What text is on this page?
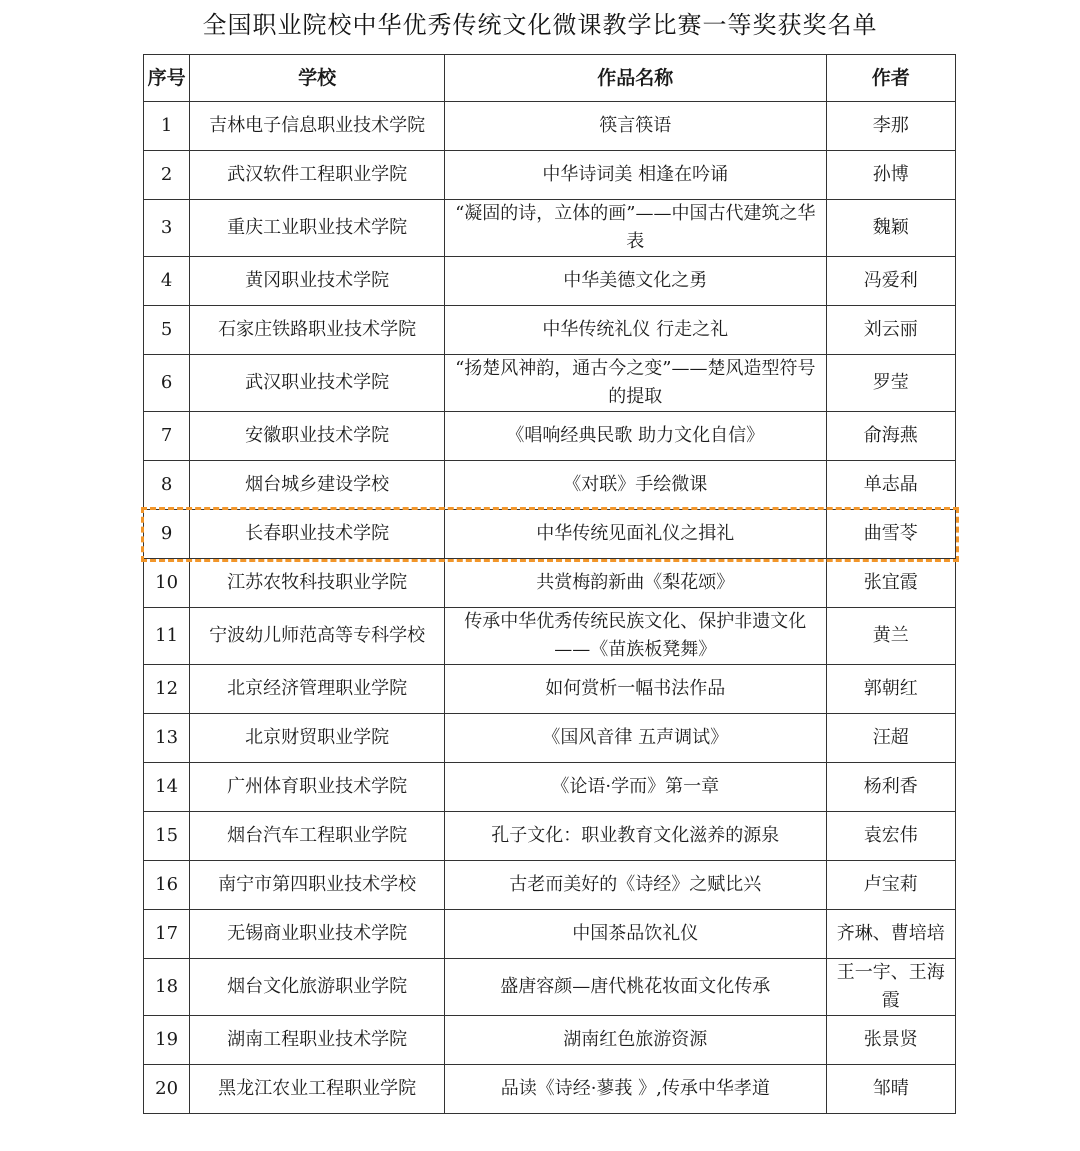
全国职业院校中华优秀传统文化微课教学比赛一等奖获奖名单
序号	学校	作品名称	作者
1	吉林电子信息职业技术学院	筷言筷语	李那
2	武汉软件工程职业学院	中华诗词美 相逢在吟诵	孙博
3	重庆工业职业技术学院	“凝固的诗，立体的画”——中国古代建筑之华表	魏颖
4	黄冈职业技术学院	中华美德文化之勇	冯爱利
5	石家庄铁路职业技术学院	中华传统礼仪 行走之礼	刘云丽
6	武汉职业技术学院	“扬楚风神韵，通古今之变”——楚风造型符号的提取	罗莹
7	安徽职业技术学院	《唱响经典民歌 助力文化自信》	俞海燕
8	烟台城乡建设学校	《对联》手绘微课	单志晶
9	长春职业技术学院	中华传统见面礼仪之揖礼	曲雪苓
10	江苏农牧科技职业学院	共赏梅韵新曲《梨花颂》	张宜霞
11	宁波幼儿师范高等专科学校	传承中华优秀传统民族文化、保护非遗文化——《苗族板凳舞》	黄兰
12	北京经济管理职业学院	如何赏析一幅书法作品	郭朝红
13	北京财贸职业学院	《国风音律 五声调试》	汪超
14	广州体育职业技术学院	《论语·学而》第一章	杨利香
15	烟台汽车工程职业学院	孔子文化：职业教育文化滋养的源泉	袁宏伟
16	南宁市第四职业技术学校	古老而美好的《诗经》之赋比兴	卢宝莉
17	无锡商业职业技术学院	中国茶品饮礼仪	齐琳、曹培培
18	烟台文化旅游职业学院	盛唐容颜—唐代桃花妆面文化传承	王一宇、王海霞
19	湖南工程职业技术学院	湖南红色旅游资源	张景贤
20	黑龙江农业工程职业学院	品读《诗经·蓼莪 》,传承中华孝道	邹晴
